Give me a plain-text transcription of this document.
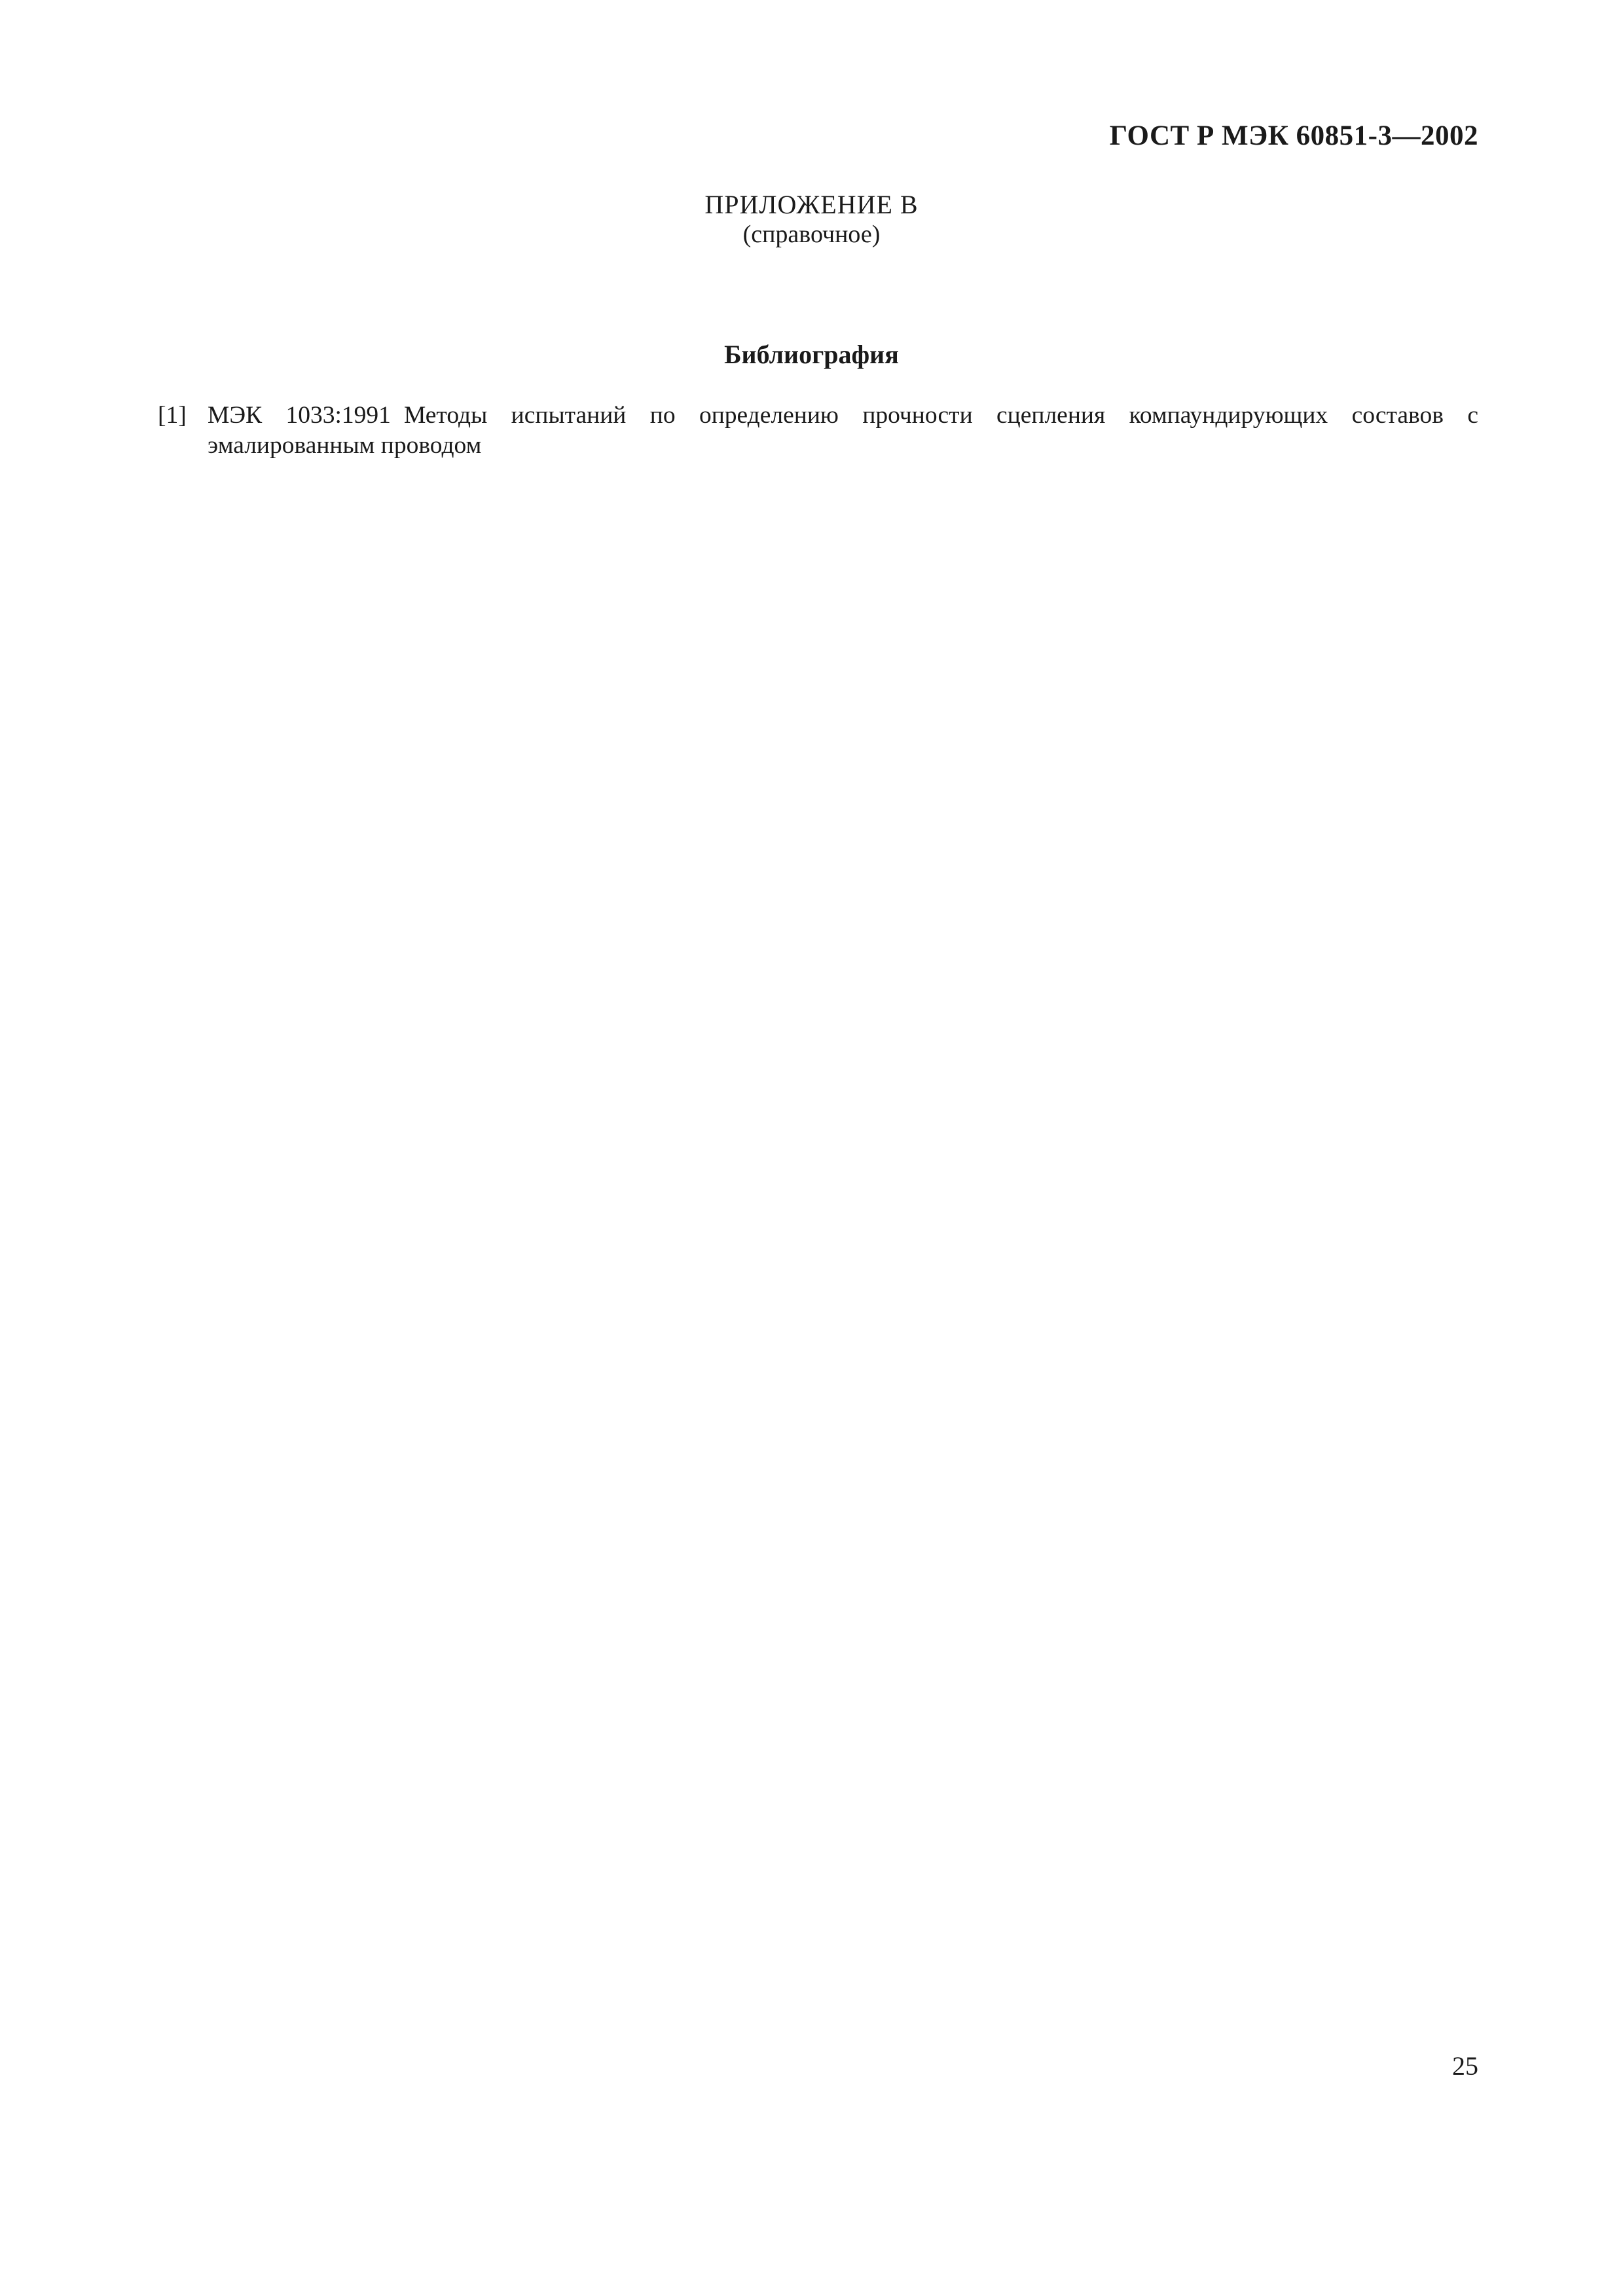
ГОСТ Р МЭК 60851-3—2002
ПРИЛОЖЕНИЕ В
(справочное)
Библиография
[1] МЭК 1033:1991 Методы испытаний по определению прочности сцепления компаундирующих составов с эмалированным проводом
25
